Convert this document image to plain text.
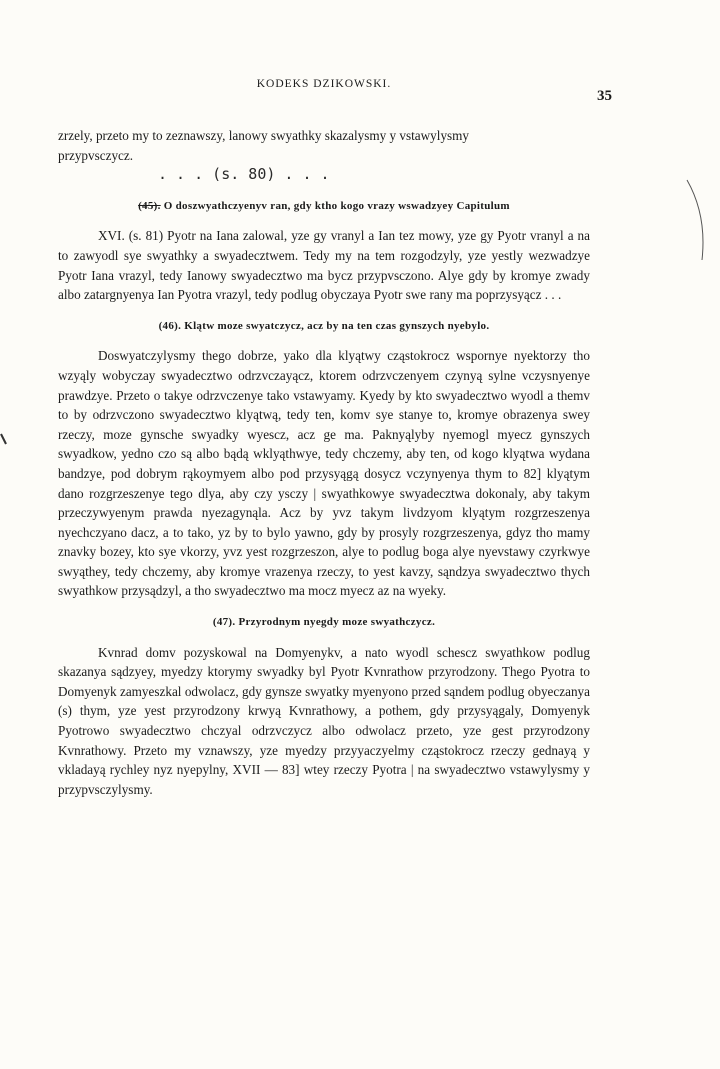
KODEKS DZIKOWSKI.
35

zrzely, przeto my to zeznawszy, lanowy swyathky skazalysmy y vstawylysmy

przypvsczycz.

. . . (s. 80) . . .

(45). O doszwyathczyenyv ran, gdy ktho kogo vrazy wswadzyey Capitulum

XVI. (s. 81) Pyotr na Iana zalowal, yze gy vranyl a Ian tez mowy, yze gy Pyotr vranyl a na to zawyodl sye swyathky a swyadecztwem. Tedy my na tem rozgodzyly, yze yestly wezwadzye Pyotr Iana vrazyl, tedy Ianowy swyadecztwo ma bycz przypvsczono. Alye gdy by kromye zwady albo zatargnyenya Ian Pyotra vrazyl, tedy podlug obyczaya Pyotr swe rany ma poprzysyącz . . .

(46). Klątw moze swyatczycz, acz by na ten czas gynszych nyebylo.

Doswyatczylysmy thego dobrze, yako dla klyątwy cząstokrocz wspornye nyektorzy tho wzyąly wobyczay swyadecztwo odrzvczayącz, ktorem odrzvczenyem czynyą sylne vczysnyenye prawdzye. Przeto o takye odrzvczenye tako vstawyamy. Kyedy by kto swyadecztwo wyodl a themv to by odrzvczono swyadecztwo klyątwą, tedy ten, komv sye stanye to, kromye obrazenya swey rzeczy, moze gynsche swyadky wyescz, acz ge ma. Paknyąlyby nyemogl myecz gynszych swyadkow, yedno czo są albo bądą wklyąthwye, tedy chczemy, aby ten, od kogo klyątwa wydana bandzye, pod dobrym rąkoymyem albo pod przysyągą dosycz vczynyenya thym to 82] klyątym dano rozgrzeszenye tego dlya, aby czy ysczy | swyathkowye swyadecztwa dokonaly, aby takym przeczywyenym prawda nyezagynąla. Acz by yvz takym livdzyom klyątym rozgrzeszenya nyechczyano dacz, a to tako, yz by to bylo yawno, gdy by prosyly rozgrzeszenya, gdyz tho mamy znavky bozey, kto sye vkorzy, yvz yest rozgrzeszon, alye to podlug boga alye nyevstawy czyrkwye swyąthey, tedy chczemy, aby kromye vrazenya rzeczy, to yest kavzy, sąndzya swyadecztwo thych swyathkow przysądzyl, a tho swyadecztwo ma mocz myecz az na wyeky.

(47). Przyrodnym nyegdy moze swyathczycz.

Kvnrad domv pozyskowal na Domyenykv, a nato wyodl schescz swyathkow podlug skazanya sądzyey, myedzy ktorymy swyadky byl Pyotr Kvnrathow przyrodzony. Thego Pyotra to Domyenyk zamyeszkal odwolacz, gdy gynsze swyatky myenyono przed sąndem podlug obyeczanya (s) thym, yze yest przyrodzony krwyą Kvnrathowy, a pothem, gdy przysyągaly, Domyenyk Pyotrowo swyadecztwo chczyal odrzvczycz albo odwolacz przeto, yze gest przyrodzony Kvnrathowy. Przeto my vznawszy, yze myedzy przyyaczyelmy cząstokrocz rzeczy gednayą y vkladayą rychley nyz nyepylny, XVII — 83] wtey rzeczy Pyotra | na swyadecztwo vstawylysmy y przypvsczylysmy.
